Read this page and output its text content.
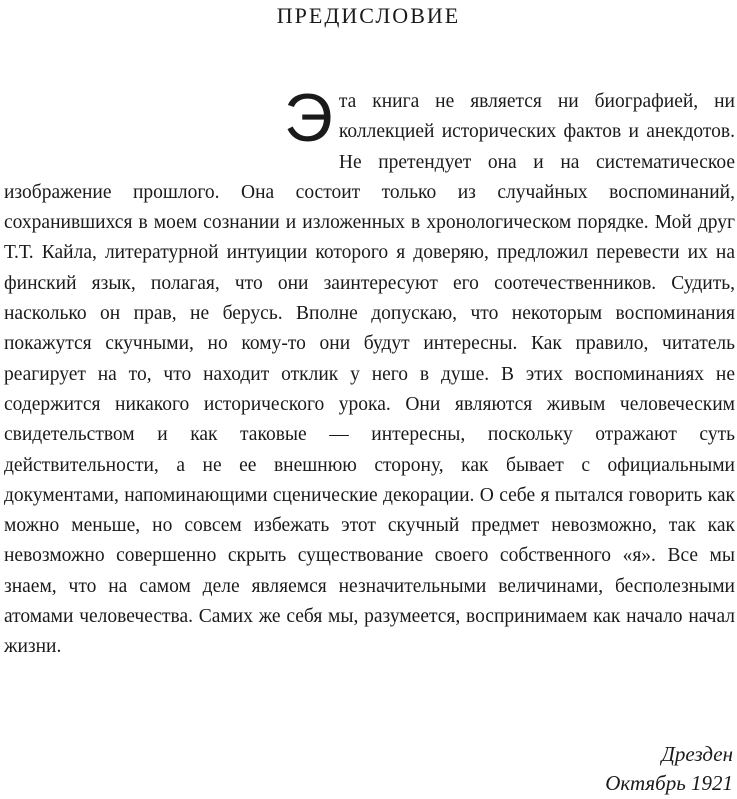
ПРЕДИСЛОВИЕ

Эта книга не является ни биографией, ни коллекцией исторических фактов и анекдотов. Не претендует она и на систематическое изображение прошлого. Она состоит только из случайных воспоминаний, сохранившихся в моем сознании и изложенных в хронологическом порядке. Мой друг Т.Т. Кайла, литературной интуиции которого я доверяю, предложил перевести их на финский язык, полагая, что они заинтересуют его соотечественников. Судить, насколько он прав, не берусь. Вполне допускаю, что некоторым воспоминания покажутся скучными, но кому-то они будут интересны. Как правило, читатель реагирует на то, что находит отклик у него в душе. В этих воспоминаниях не содержится никакого исторического урока. Они являются живым человеческим свидетельством и как таковые — интересны, поскольку отражают суть действительности, а не ее внешнюю сторону, как бывает с официальными документами, напоминающими сценические декорации. О себе я пытался говорить как можно меньше, но совсем избежать этот скучный предмет невозможно, так как невозможно совершенно скрыть существование своего собственного «я». Все мы знаем, что на самом деле являемся незначительными величинами, бесполезными атомами человечества. Самих же себя мы, разумеется, воспринимаем как начало начал жизни.

Дрезден
Октябрь 1921
